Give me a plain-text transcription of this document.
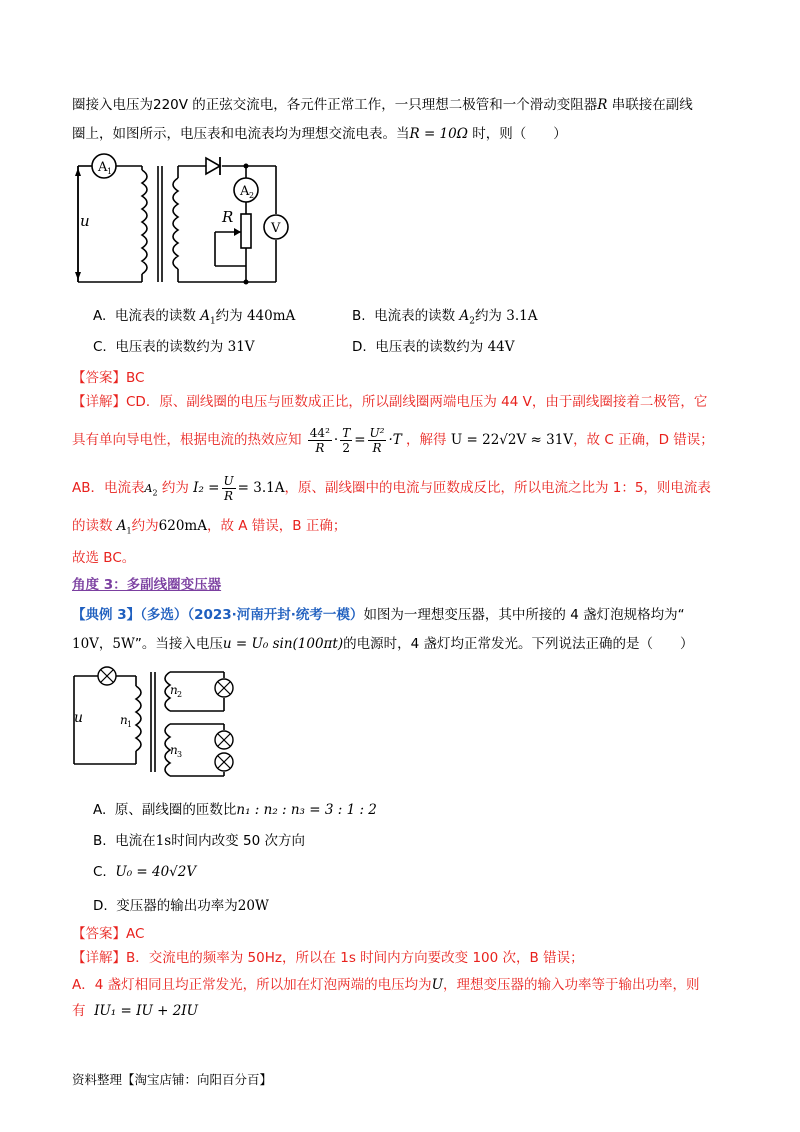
圈接入电压为220V 的正弦交流电，各元件正常工作，一只理想二极管和一个滑动变阻器R 串联接在副线
圈上，如图所示，电压表和电流表均为理想交流电表。当R = 10Ω 时，则（　　）
A 1
A 2
R
V
u
A. 电流表的读数 $A_1$约为 440mA	B. 电流表的读数 $A_2$约为 3.1A
C. 电压表的读数约为 31V	D. 电压表的读数约为 44V
【答案】BC
【详解】CD．原、副线圈的电压与匝数成正比，所以副线圈两端电压为 44 V，由于副线圈接着二极管，它
具有单向导电性，根据电流的热效应知 $\frac{\text{44²}}{R} \cdot \frac{T}{2} = \frac{\text{U²}}{R} \cdot T$ ，解得 U = 22√2V ≈ 31V，故 C 正确，D 错误；
AB．电流表$A_2$ 约为 $I_2 = \frac{U}{R} = 3.1A$，原、副线圈中的电流与匝数成反比，所以电流之比为 1：5，则电流表
的读数 $A_1$约为620mA，故 A 错误，B 正确；
故选 BC。
角度 3：多副线圈变压器
【典例 3】（多选）（2023·河南开封·统考一模）如图为一理想变压器，其中所接的 4 盏灯泡规格均为“
10V，5W”。当接入电压u = U₀ sin(100πt)的电源时，4 盏灯均正常发光。下列说法正确的是（　　）
u	n 1
n 2
n 3
A. 原、副线圈的匝数比n₁ : n₂ : n₃ = 3 : 1 : 2
B. 电流在1s时间内改变 50 次方向
C. U₀ = 40√2V
D. 变压器的输出功率为20W
【答案】AC
【详解】B．交流电的频率为 50Hz，所以在 1s 时间内方向要改变 100 次，B 错误；
A．4 盏灯相同且均正常发光，所以加在灯泡两端的电压均为U，理想变压器的输入功率等于输出功率，则
有 IU₁ = IU + 2IU
资料整理【淘宝店铺：向阳百分百】
